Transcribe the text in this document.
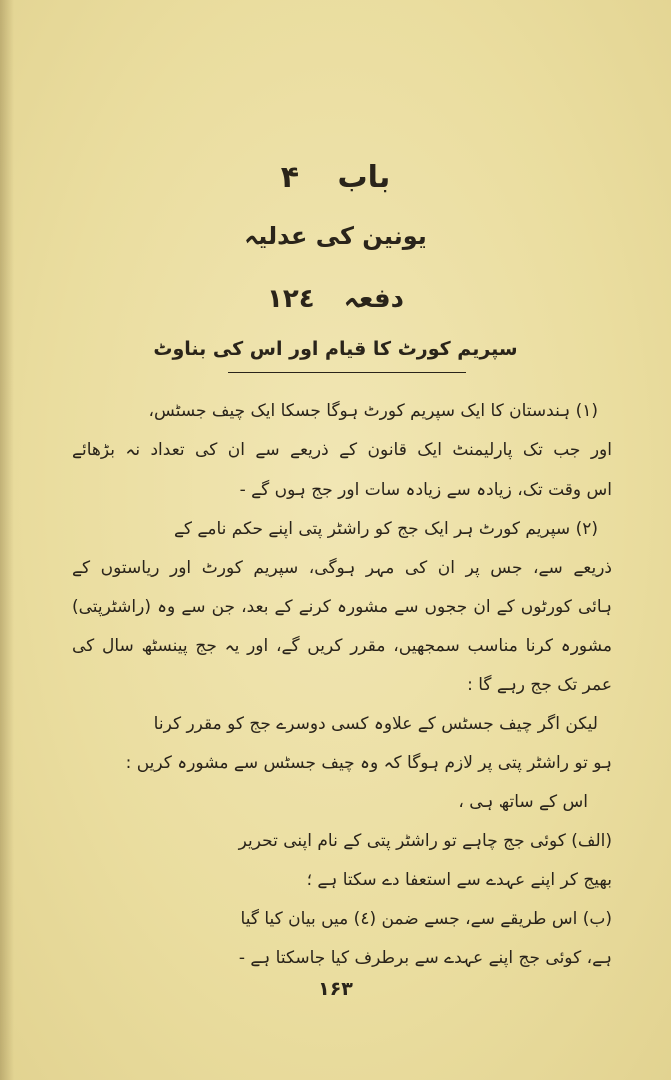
باب ۴
یونین کی عدلیہ
دفعہ ۱۲٤
سپریم کورٹ کا قیام اور اس کی بناوٹ
(۱) ہندستان کا ایک سپریم کورٹ ہوگا جسکا ایک چیف جسٹس،
اور جب تک پارلیمنٹ ایک قانون کے ذریعے سے ان کی تعداد نہ بڑھائے
اس وقت تک، زیادہ سے زیادہ سات اور جج ہوں گے -
(۲) سپریم کورٹ ہر ایک جج کو راشٹر پتی اپنے حکم نامے کے
ذریعے سے، جس پر ان کی مہر ہوگی، سپریم کورٹ اور ریاستوں کے
ہائی کورٹوں کے ان ججوں سے مشورہ کرنے کے بعد، جن سے وہ (راشٹرپتی)
مشورہ کرنا مناسب سمجھیں، مقرر کریں گے، اور یہ جج پینسٹھ سال کی
عمر تک جج رہے گا :
لیکن اگر چیف جسٹس کے علاوہ کسی دوسرے جج کو مقرر کرنا
ہو تو راشٹر پتی پر لازم ہوگا کہ وہ چیف جسٹس سے مشورہ کریں :
اس کے ساتھ ہی ،
(الف) کوئی جج چاہے تو راشٹر پتی کے نام اپنی تحریر
بھیج کر اپنے عہدے سے استعفا دے سکتا ہے ؛
(ب) اس طریقے سے، جسے ضمن (٤) میں بیان کیا گیا
ہے، کوئی جج اپنے عہدے سے برطرف کیا جاسکتا ہے -
۱۶۳
